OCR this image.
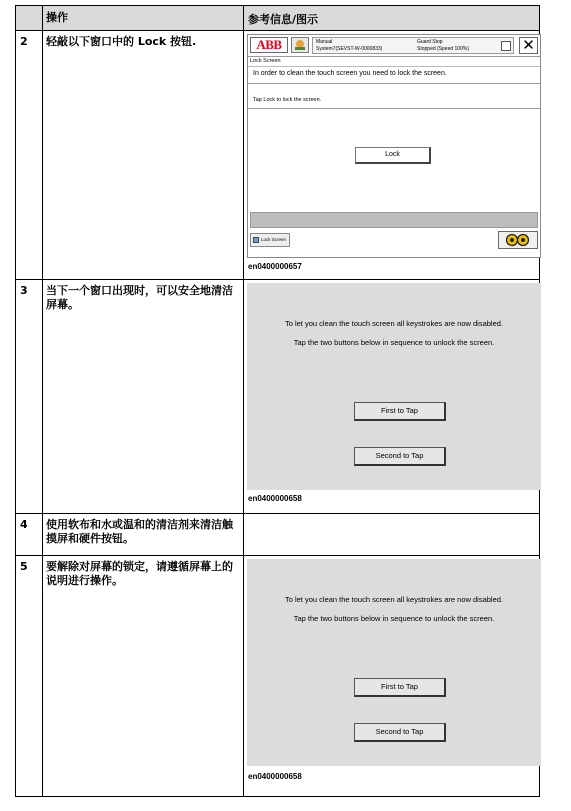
操作	参考信息/图示
2	轻敲以下窗口中的 Lock 按钮.	ABB	Manual
System7(SEVST-W-0000833)
Guard Stop
Stopped (Speed 100%)	✕
Lock Screen
In order to clean the touch screen you need to lock the screen.
Tap Lock to lock the screen.
Lock
Lock Screen
en0400000657
3	当下一个窗口出现时，可以安全地清洁屏幕。
To let you clean the touch screen all keystrokes are now disabled.
Tap the two buttons below in sequence to unlock the screen.
First to Tap
Second to Tap
en0400000658
4	使用软布和水或温和的清洁剂来清洁触摸屏和硬件按钮。
5	要解除对屏幕的锁定，请遵循屏幕上的说明进行操作。
To let you clean the touch screen all keystrokes are now disabled.
Tap the two buttons below in sequence to unlock the screen.
First to Tap
Second to Tap
en0400000658
